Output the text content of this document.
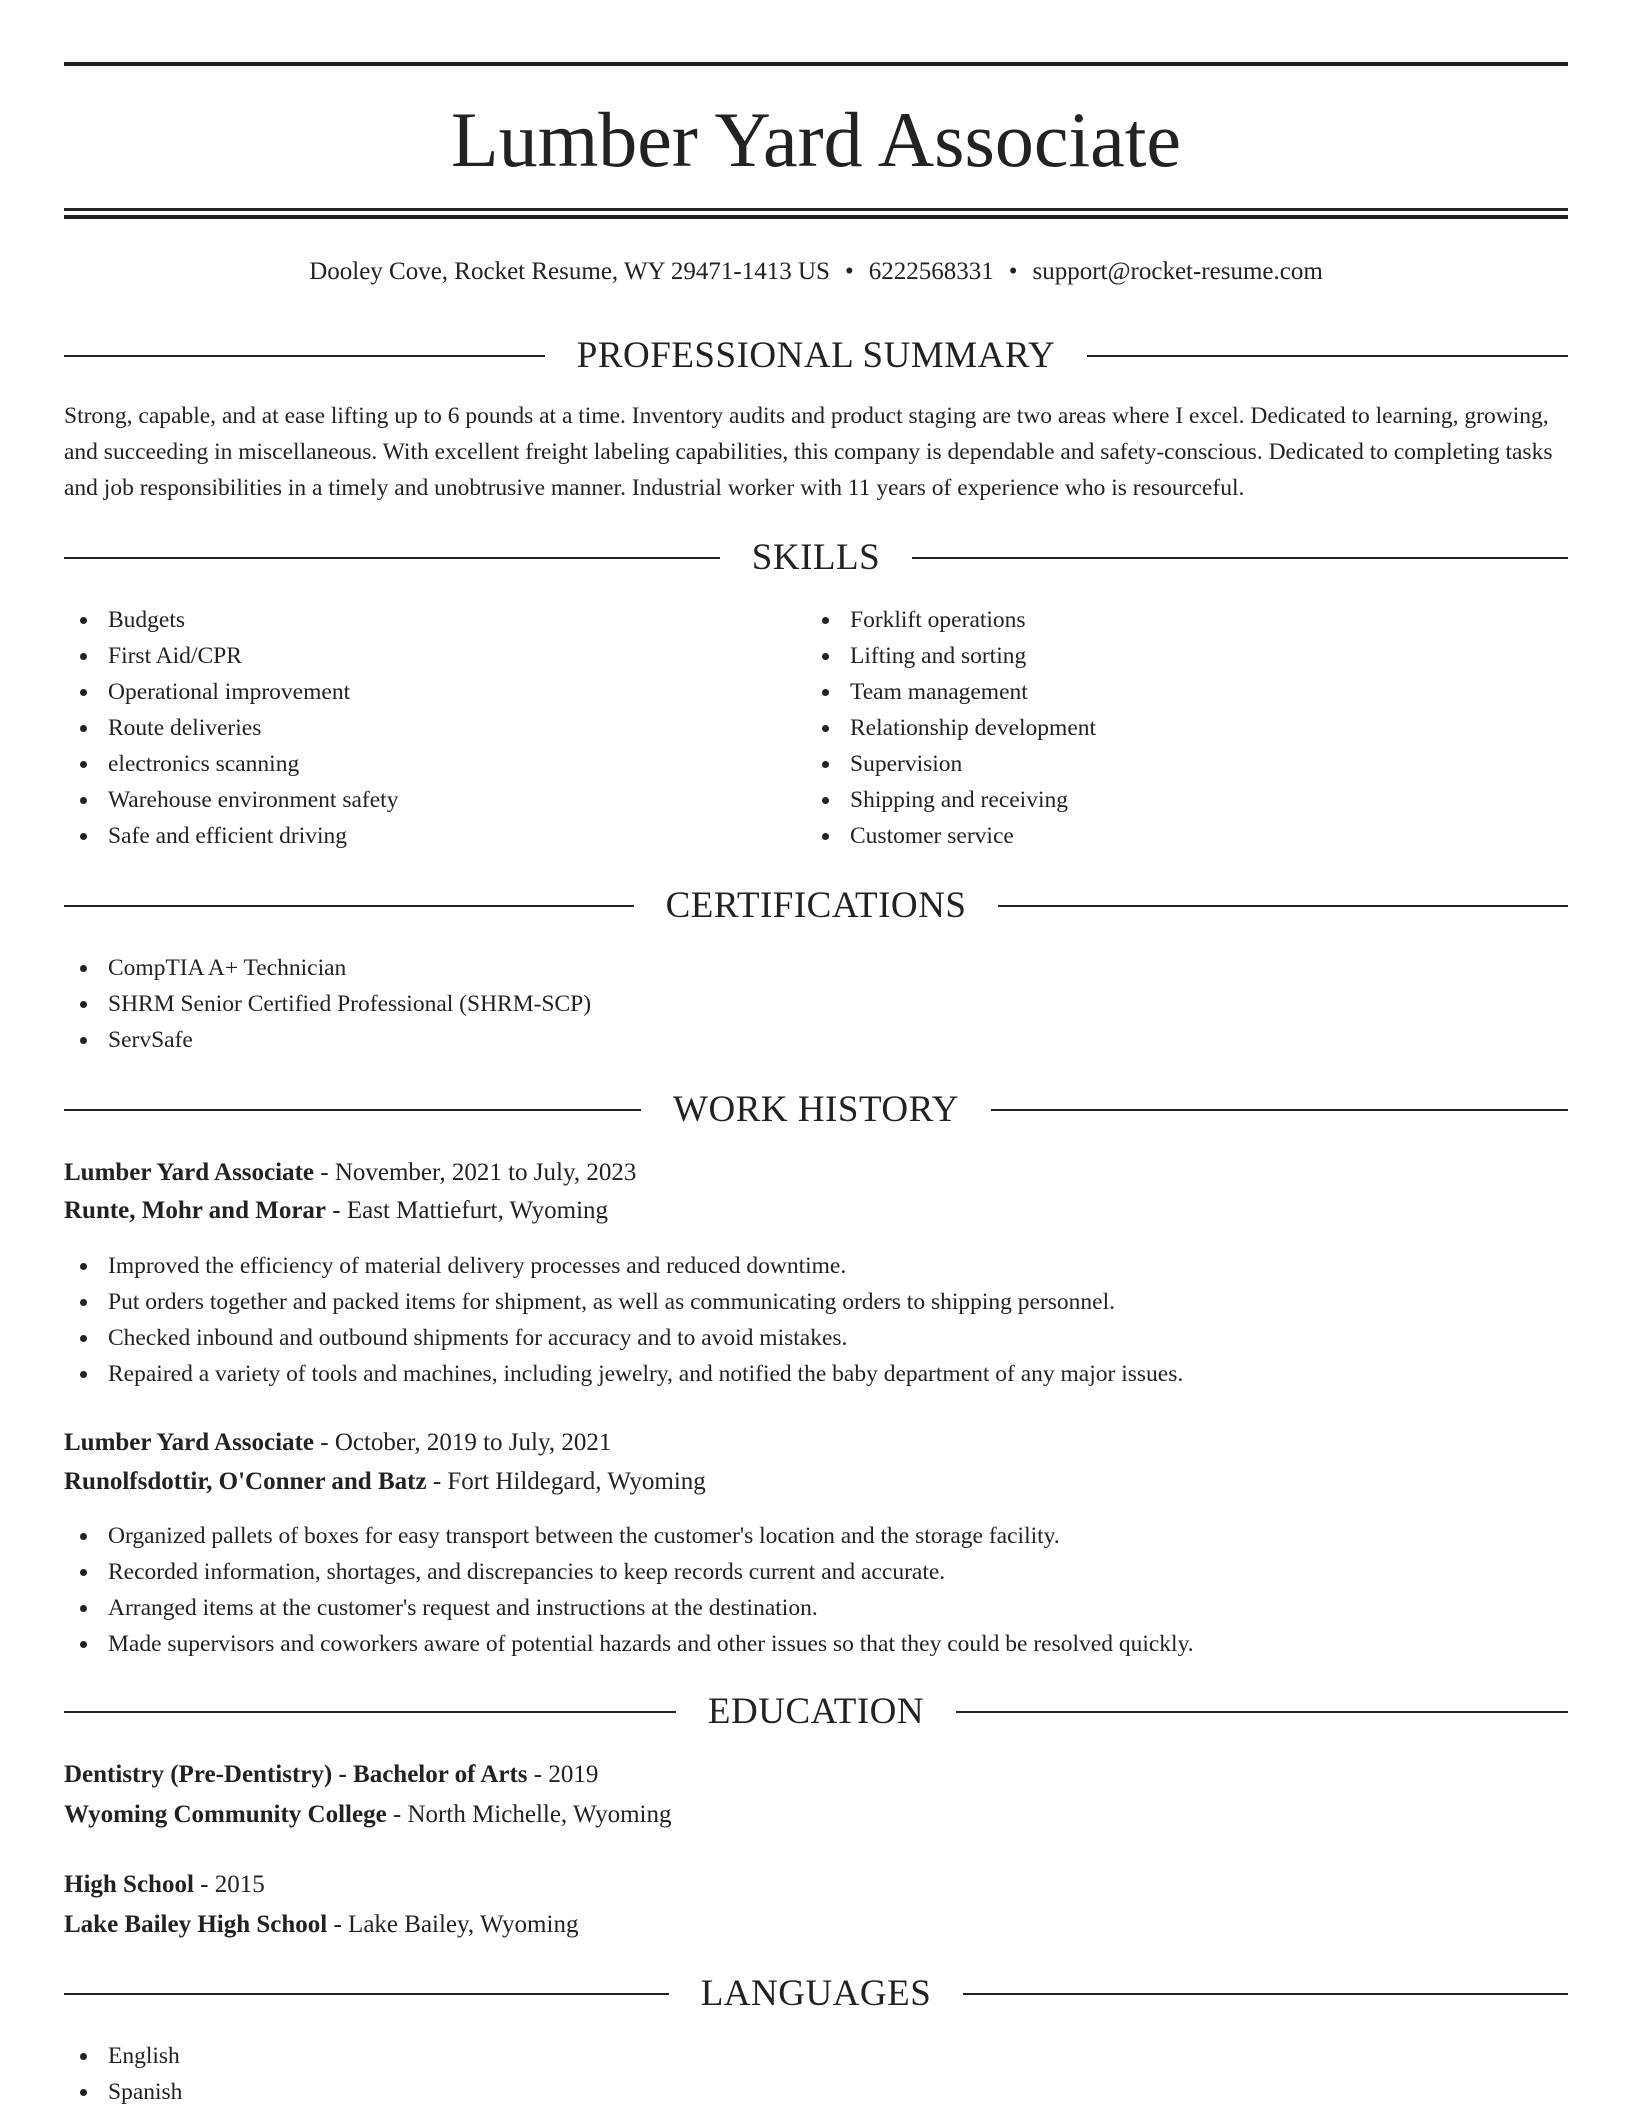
Lumber Yard Associate
Dooley Cove, Rocket Resume, WY 29471-1413 US • 6222568331 • support@rocket-resume.com
PROFESSIONAL SUMMARY

Strong, capable, and at ease lifting up to 6 pounds at a time. Inventory audits and product staging are two areas where I excel. Dedicated to learning, growing, and succeeding in miscellaneous. With excellent freight labeling capabilities, this company is dependable and safety-conscious. Dedicated to completing tasks and job responsibilities in a timely and unobtrusive manner. Industrial worker with 11 years of experience who is resourceful.

SKILLS
Budgets
First Aid/CPR
Operational improvement
Route deliveries
electronics scanning
Warehouse environment safety
Safe and efficient driving
Forklift operations
Lifting and sorting
Team management
Relationship development
Supervision
Shipping and receiving
Customer service
CERTIFICATIONS
CompTIA A+ Technician
SHRM Senior Certified Professional (SHRM-SCP)
ServSafe
WORK HISTORY
Lumber Yard Associate - November, 2021 to July, 2023
Runte, Mohr and Morar - East Mattiefurt, Wyoming
Improved the efficiency of material delivery processes and reduced downtime.
Put orders together and packed items for shipment, as well as communicating orders to shipping personnel.
Checked inbound and outbound shipments for accuracy and to avoid mistakes.
Repaired a variety of tools and machines, including jewelry, and notified the baby department of any major issues.
Lumber Yard Associate - October, 2019 to July, 2021
Runolfsdottir, O'Conner and Batz - Fort Hildegard, Wyoming
Organized pallets of boxes for easy transport between the customer's location and the storage facility.
Recorded information, shortages, and discrepancies to keep records current and accurate.
Arranged items at the customer's request and instructions at the destination.
Made supervisors and coworkers aware of potential hazards and other issues so that they could be resolved quickly.
EDUCATION
Dentistry (Pre-Dentistry) - Bachelor of Arts - 2019
Wyoming Community College - North Michelle, Wyoming
High School - 2015
Lake Bailey High School - Lake Bailey, Wyoming
LANGUAGES
English
Spanish
